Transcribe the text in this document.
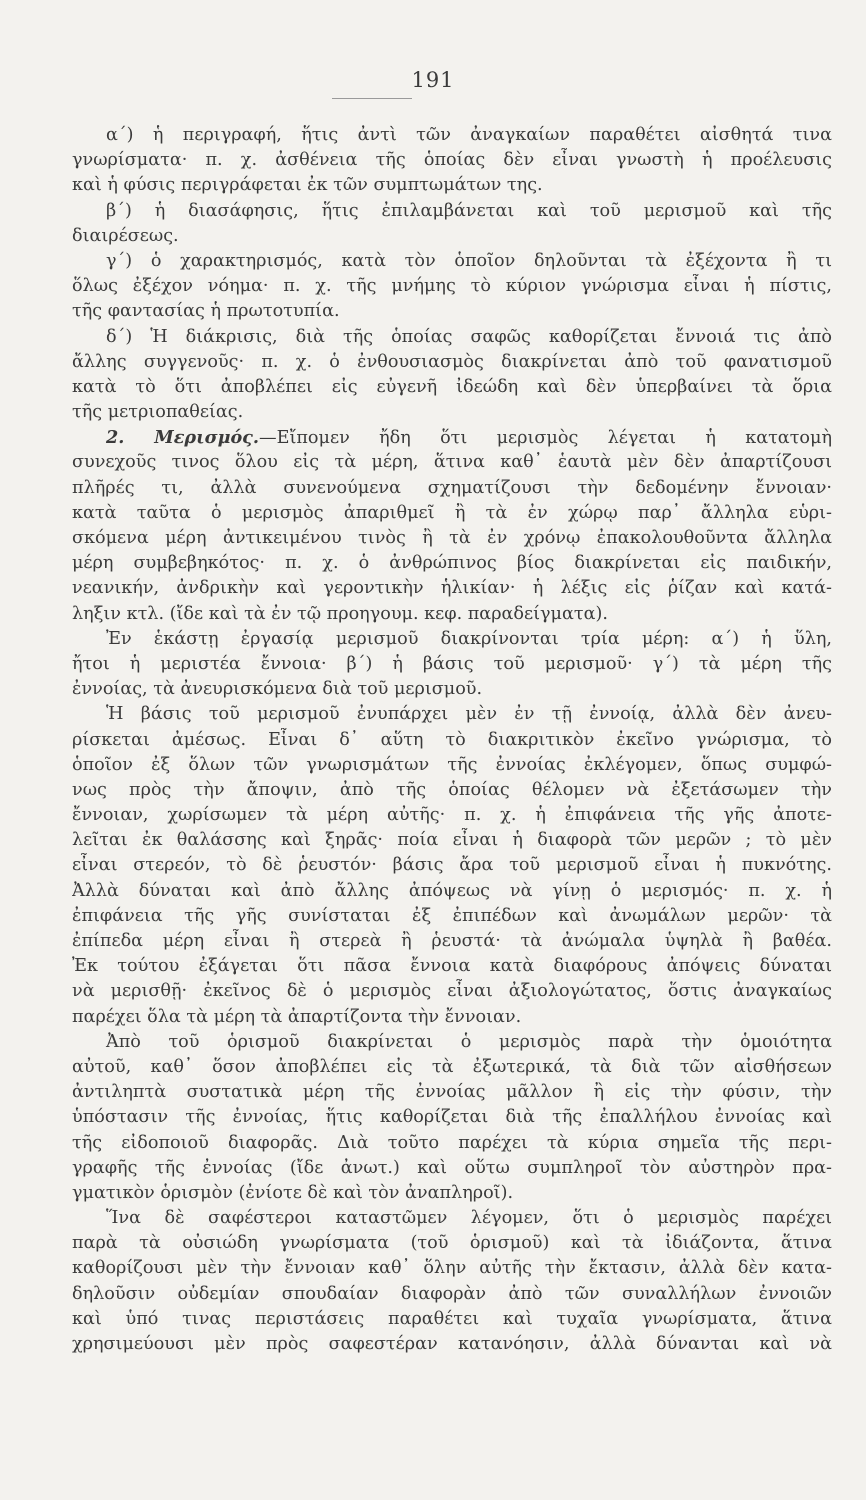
191
α΄) ἡ περιγραφή, ἥτις ἀντὶ τῶν ἀναγκαίων παραθέτει αἰσθητά τινα
γνωρίσματα· π. χ. ἀσθένεια τῆς ὁποίας δὲν εἶναι γνωστὴ ἡ προέλευσις
καὶ ἡ φύσις περιγράφεται ἐκ τῶν συμπτωμάτων της.
β΄) ἡ διασάφησις, ἥτις ἐπιλαμβάνεται καὶ τοῦ μερισμοῦ καὶ τῆς
διαιρέσεως.
γ΄) ὁ χαρακτηρισμός, κατὰ τὸν ὁποῖον δηλοῦνται τὰ ἐξέχοντα ἢ τι
ὅλως ἐξέχον νόημα· π. χ. τῆς μνήμης τὸ κύριον γνώρισμα εἶναι ἡ πίστις,
τῆς φαντασίας ἡ πρωτοτυπία.
δ΄) Ἡ διάκρισις, διὰ τῆς ὁποίας σαφῶς καθορίζεται ἔννοιά τις ἀπὸ
ἄλλης συγγενοῦς· π. χ. ὁ ἐνθουσιασμὸς διακρίνεται ἀπὸ τοῦ φανατισμοῦ
κατὰ τὸ ὅτι ἀποβλέπει εἰς εὐγενῆ ἰδεώδη καὶ δὲν ὑπερβαίνει τὰ ὅρια
τῆς μετριοπαθείας.
2. Μερισμός.—Εἴπομεν ἤδη ὅτι μερισμὸς λέγεται ἡ κατατομὴ
συνεχοῦς τινος ὅλου εἰς τὰ μέρη, ἅτινα καθ᾽ ἑαυτὰ μὲν δὲν ἀπαρτίζουσι
πλῆρές τι, ἀλλὰ συνενούμενα σχηματίζουσι τὴν δεδομένην ἔννοιαν·
κατὰ ταῦτα ὁ μερισμὸς ἀπαριθμεῖ ἢ τὰ ἐν χώρῳ παρ᾽ ἄλληλα εὑρι-
σκόμενα μέρη ἀντικειμένου τινὸς ἢ τὰ ἐν χρόνῳ ἐπακολουθοῦντα ἄλληλα
μέρη συμβεβηκότος· π. χ. ὁ ἀνθρώπινος βίος διακρίνεται εἰς παιδικήν,
νεανικήν, ἀνδρικὴν καὶ γεροντικὴν ἡλικίαν· ἡ λέξις εἰς ῥίζαν καὶ κατά-
ληξιν κτλ. (ἴδε καὶ τὰ ἐν τῷ προηγουμ. κεφ. παραδείγματα).
Ἐν ἑκάστῃ ἐργασίᾳ μερισμοῦ διακρίνονται τρία μέρη: α΄) ἡ ὕλη,
ἤτοι ἡ μεριστέα ἔννοια· β΄) ἡ βάσις τοῦ μερισμοῦ· γ΄) τὰ μέρη τῆς
ἐννοίας, τὰ ἀνευρισκόμενα διὰ τοῦ μερισμοῦ.
Ἡ βάσις τοῦ μερισμοῦ ἐνυπάρχει μὲν ἐν τῇ ἐννοίᾳ, ἀλλὰ δὲν ἀνευ-
ρίσκεται ἀμέσως. Εἶναι δ᾽ αὕτη τὸ διακριτικὸν ἐκεῖνο γνώρισμα, τὸ
ὁποῖον ἐξ ὅλων τῶν γνωρισμάτων τῆς ἐννοίας ἐκλέγομεν, ὅπως συμφώ-
νως πρὸς τὴν ἄποψιν, ἀπὸ τῆς ὁποίας θέλομεν νὰ ἐξετάσωμεν τὴν
ἔννοιαν, χωρίσωμεν τὰ μέρη αὐτῆς· π. χ. ἡ ἐπιφάνεια τῆς γῆς ἀποτε-
λεῖται ἐκ θαλάσσης καὶ ξηρᾶς· ποία εἶναι ἡ διαφορὰ τῶν μερῶν ; τὸ μὲν
εἶναι στερεόν, τὸ δὲ ῥευστόν· βάσις ἄρα τοῦ μερισμοῦ εἶναι ἡ πυκνότης.
Ἀλλὰ δύναται καὶ ἀπὸ ἄλλης ἀπόψεως νὰ γίνῃ ὁ μερισμός· π. χ. ἡ
ἐπιφάνεια τῆς γῆς συνίσταται ἐξ ἐπιπέδων καὶ ἀνωμάλων μερῶν· τὰ
ἐπίπεδα μέρη εἶναι ἢ στερεὰ ἢ ῥευστά· τὰ ἀνώμαλα ὑψηλὰ ἢ βαθέα.
Ἐκ τούτου ἐξάγεται ὅτι πᾶσα ἔννοια κατὰ διαφόρους ἀπόψεις δύναται
νὰ μερισθῇ· ἐκεῖνος δὲ ὁ μερισμὸς εἶναι ἀξιολογώτατος, ὅστις ἀναγκαίως
παρέχει ὅλα τὰ μέρη τὰ ἀπαρτίζοντα τὴν ἔννοιαν.
Ἀπὸ τοῦ ὁρισμοῦ διακρίνεται ὁ μερισμὸς παρὰ τὴν ὁμοιότητα
αὐτοῦ, καθ᾽ ὅσον ἀποβλέπει εἰς τὰ ἐξωτερικά, τὰ διὰ τῶν αἰσθήσεων
ἀντιληπτὰ συστατικὰ μέρη τῆς ἐννοίας μᾶλλον ἢ εἰς τὴν φύσιν, τὴν
ὑπόστασιν τῆς ἐννοίας, ἥτις καθορίζεται διὰ τῆς ἐπαλλήλου ἐννοίας καὶ
τῆς εἰδοποιοῦ διαφορᾶς. Διὰ τοῦτο παρέχει τὰ κύρια σημεῖα τῆς περι-
γραφῆς τῆς ἐννοίας (ἴδε ἀνωτ.) καὶ οὕτω συμπληροῖ τὸν αὐστηρὸν πρα-
γματικὸν ὁρισμὸν (ἐνίοτε δὲ καὶ τὸν ἀναπληροῖ).
Ἵνα δὲ σαφέστεροι καταστῶμεν λέγομεν, ὅτι ὁ μερισμὸς παρέχει
παρὰ τὰ οὐσιώδη γνωρίσματα (τοῦ ὁρισμοῦ) καὶ τὰ ἰδιάζοντα, ἅτινα
καθορίζουσι μὲν τὴν ἔννοιαν καθ᾽ ὅλην αὐτῆς τὴν ἔκτασιν, ἀλλὰ δὲν κατα-
δηλοῦσιν οὐδεμίαν σπουδαίαν διαφορὰν ἀπὸ τῶν συναλλήλων ἐννοιῶν
καὶ ὑπό τινας περιστάσεις παραθέτει καὶ τυχαῖα γνωρίσματα, ἅτινα
χρησιμεύουσι μὲν πρὸς σαφεστέραν κατανόησιν, ἀλλὰ δύνανται καὶ νὰ
